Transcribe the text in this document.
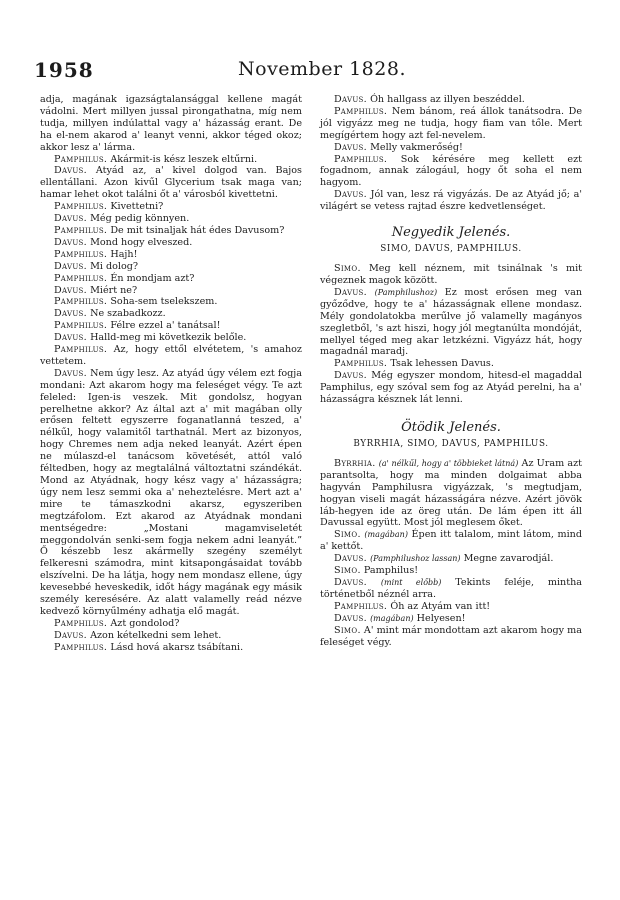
1958	November 1828.

adja, magának igazságtalansággal kellene magát vádolni. Mert millyen jussal pirongathatna, míg nem tudja, millyen indúlattal vagy a' házasság erant. De ha el-nem akarod a' leanyt venni, akkor téged okoz; akkor lesz a' lárma.

Pamphilus. Akármit-is kész leszek eltűrni.

Davus. Atyád az, a' kivel dolgod van. Bajos ellentállani. Azon kivűl Glycerium tsak maga van; hamar lehet okot találni őt a' városból kivettetni.

Pamphilus. Kivettetni?

Davus. Még pedig könnyen.

Pamphilus. De mit tsinaljak hát édes Davusom?

Davus. Mond hogy elveszed.

Pamphilus. Hajh!

Davus. Mi dolog?

Pamphilus. Én mondjam azt?

Davus. Miért ne?

Pamphilus. Soha-sem tselekszem.

Davus. Ne szabadkozz.

Pamphilus. Félre ezzel a' tanátsal!

Davus. Halld-meg mi következik belőle.

Pamphilus. Az, hogy ettől elvétetem, 's amahoz vettetem.

Davus. Nem úgy lesz. Az atyád úgy vélem ezt fogja mondani: Azt akarom hogy ma feleséget végy. Te azt feleled: Igen-is veszek. Mit gondolsz, hogyan perelhetne akkor? Az által azt a' mit magában olly erősen feltett egyszerre foganatlanná teszed, a' nélkűl, hogy valamitől tarthatnál. Mert az bizonyos, hogy Chremes nem adja neked leanyát. Azért épen ne múlaszd-el tanácsom követését, attól való féltedben, hogy az megtalálná változtatni szándékát. Mond az Atyádnak, hogy kész vagy a' házasságra; úgy nem lesz semmi oka a' neheztelésre. Mert azt a' mire te támaszkodni akarsz, egyszeriben megtzáfolom. Ezt akarod az Atyádnak mondani mentségedre: „Mostani magamviseletét meggondolván senki-sem fogja nekem adni leanyát.” Ő készebb lesz akármelly szegény személyt felkeresni számodra, mint kitsapongásaidat tovább elszívelni. De ha látja, hogy nem mondasz ellene, úgy kevesebbé heveskedik, időt hágy magának egy másik személy keresésére. Az alatt valamelly reád nézve kedvező környűlmény adhatja elő magát.

Pamphilus. Azt gondolod?

Davus. Azon kételkedni sem lehet.

Pamphilus. Lásd hová akarsz tsábítani.

Davus. Óh hallgass az illyen beszéddel.

Pamphilus. Nem bánom, reá állok tanátsodra. De jól vigyázz meg ne tudja, hogy fiam van tőle. Mert megígértem hogy azt fel-nevelem.

Davus. Melly vakmerőség!

Pamphilus. Sok kérésére meg kellett ezt fogadnom, annak zálogául, hogy őt soha el nem hagyom.

Davus. Jól van, lesz rá vigyázás. De az Atyád jő; a' világért se vetess rajtad észre kedvetlenséget.

Negyedik Jelenés.
SIMO, DAVUS, PAMPHILUS.

Simo. Meg kell néznem, mit tsinálnak 's mit végeznek magok között.

Davus. (Pamphilushoz) Ez most erősen meg van győződve, hogy te a' házasságnak ellene mondasz. Mély gondolatokba merűlve jő valamelly magányos szegletből, 's azt hiszi, hogy jól megtanúlta mondóját, mellyel téged meg akar letzkézni. Vigyázz hát, hogy magadnál maradj.

Pamphilus. Tsak lehessen Davus.

Davus. Még egyszer mondom, hitesd-el magaddal Pamphilus, egy szóval sem fog az Atyád perelni, ha a' házasságra késznek lát lenni.

Ötödik Jelenés.
BYRRHIA, SIMO, DAVUS, PAMPHILUS.

Byrrhia. (a' nélkűl, hogy a' többieket látná) Az Uram azt parantsolta, hogy ma minden dolgaimat abba hagyván Pamphilusra vigyázzak, 's megtudjam, hogyan viseli magát házasságára nézve. Azért jövök láb-hegyen ide az öreg után. De lám épen itt áll Davussal együtt. Most jól meglesem őket.

Simo. (magában) Épen itt talalom, mint látom, mind a' kettőt.

Davus. (Pamphilushoz lassan) Megne zavarodjál.

Simo. Pamphilus!

Davus. (mint előbb) Tekints feléje, mintha történetből néznél arra.

Pamphilus. Óh az Atyám van itt!

Davus. (magában) Helyesen!

Simo. A' mint már mondottam azt akarom hogy ma feleséget végy.
